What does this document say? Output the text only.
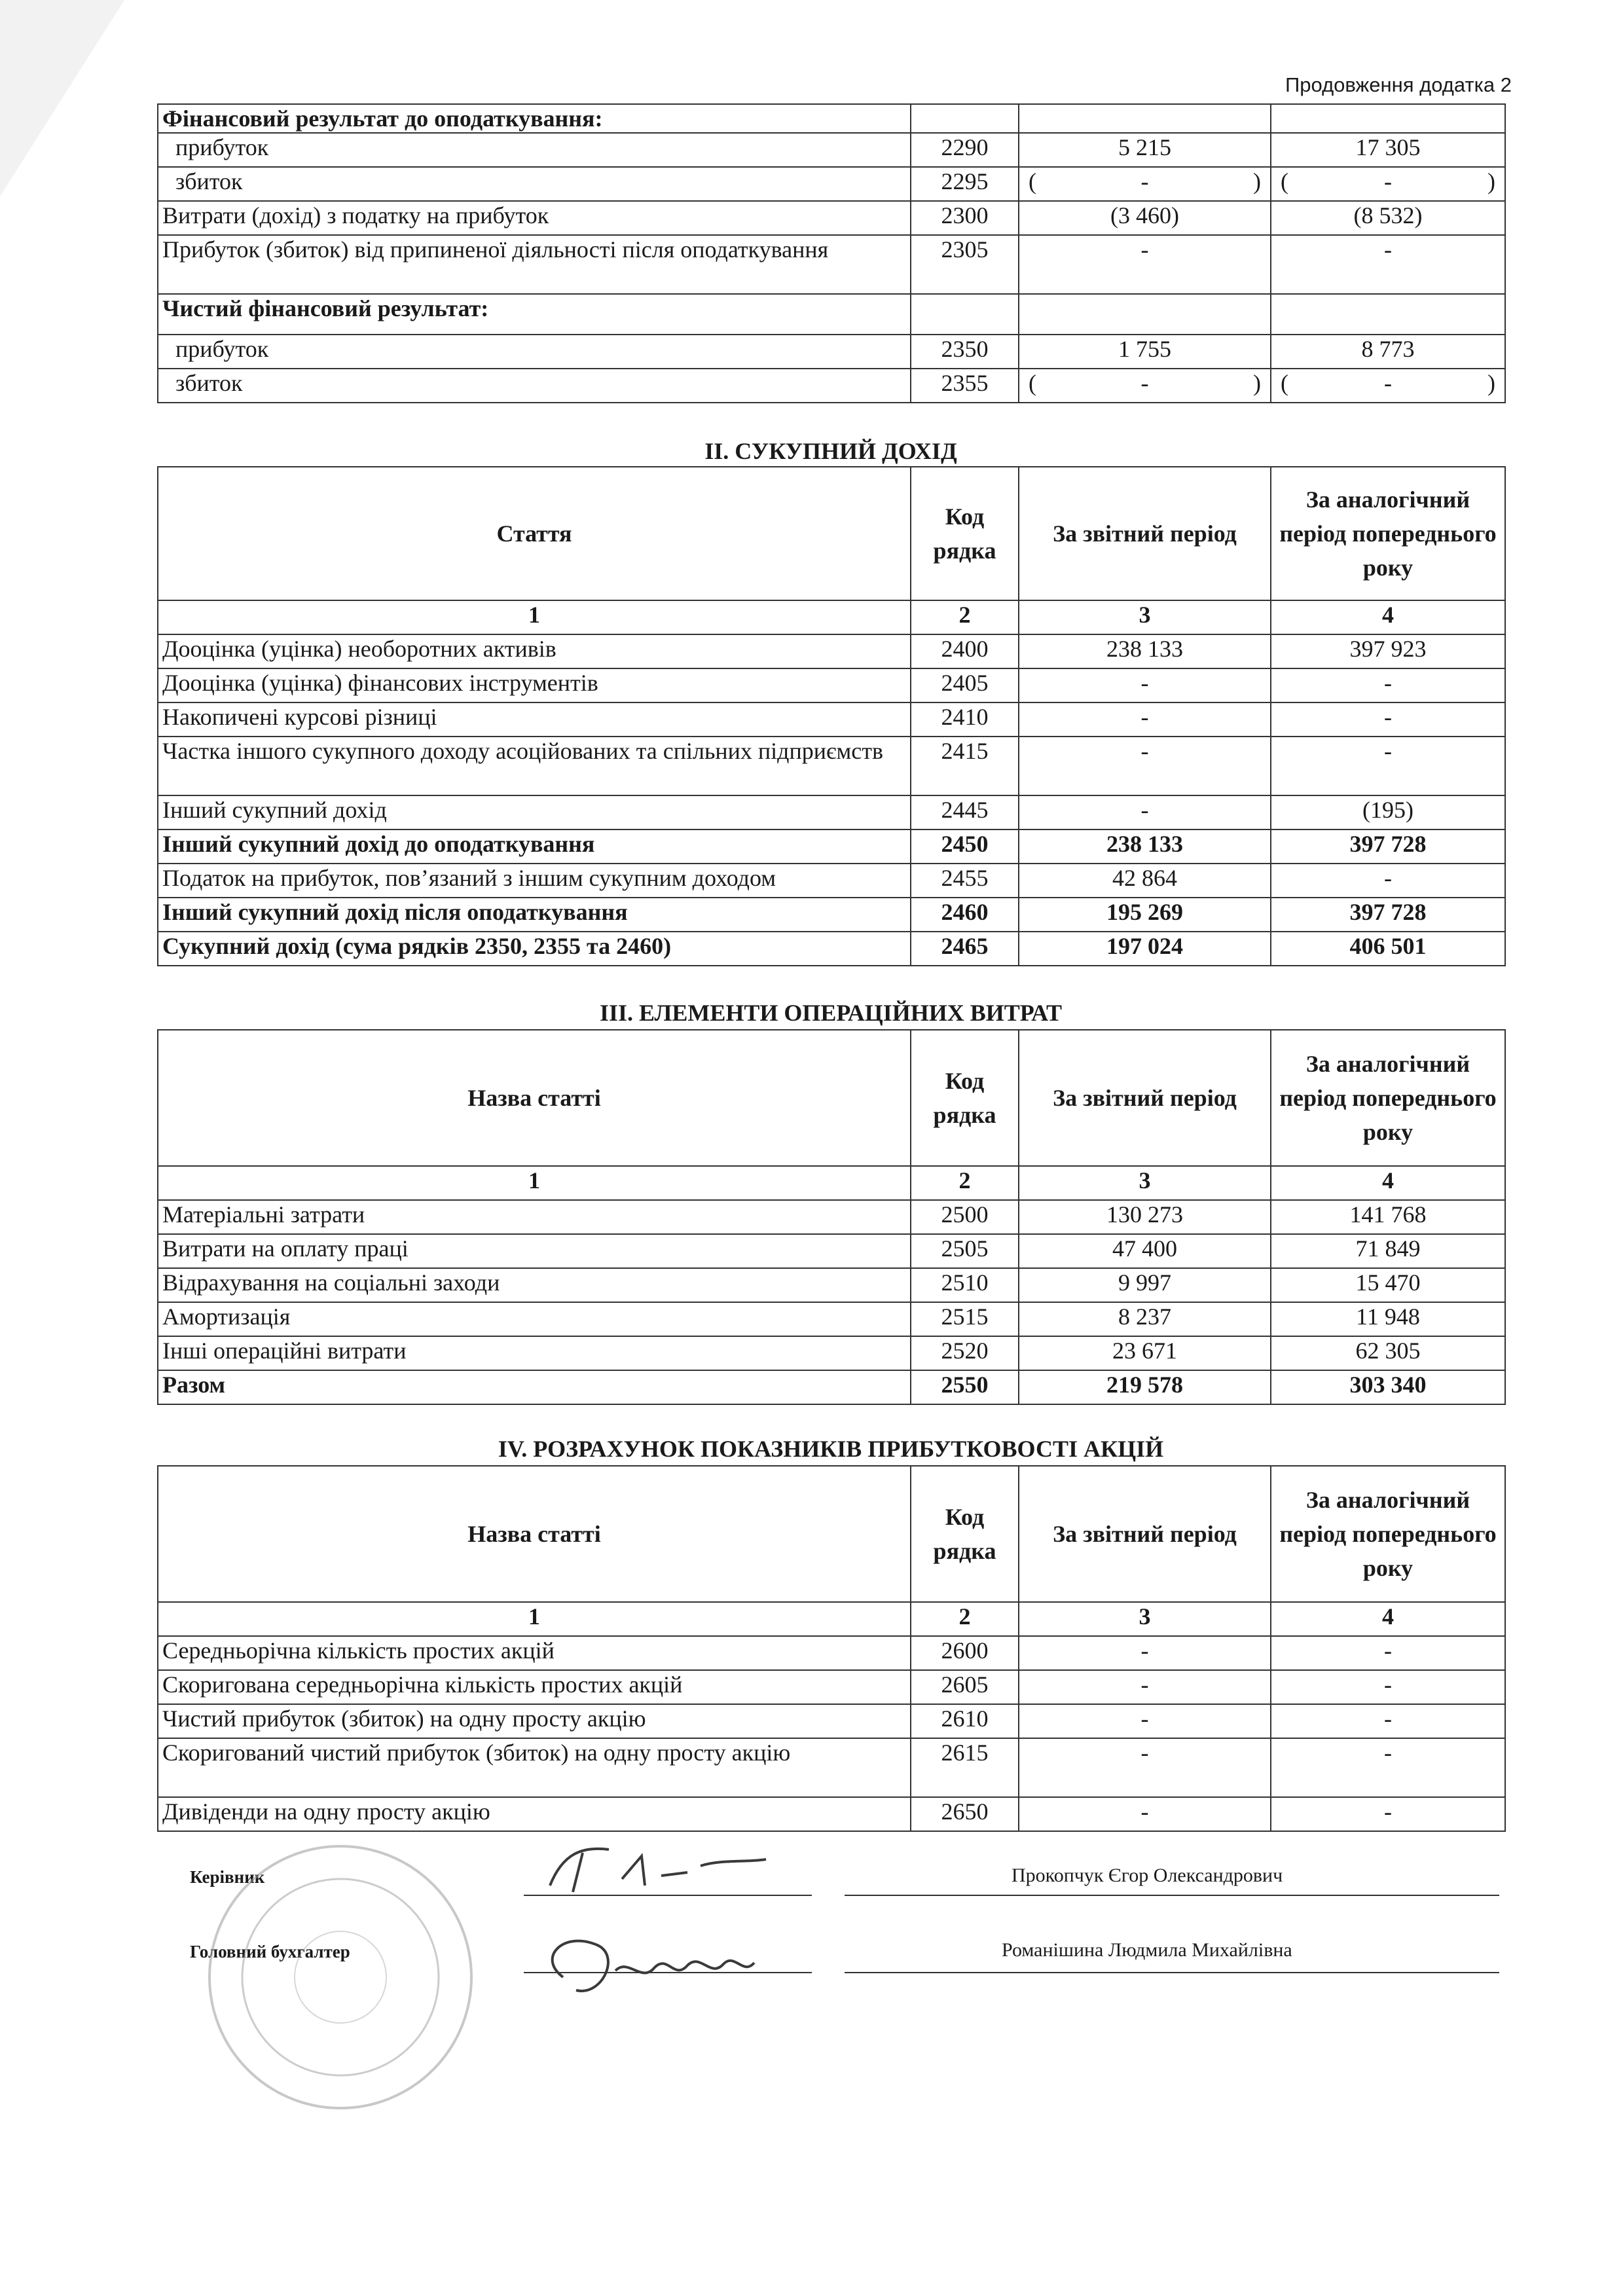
Продовження додатка 2
Фінансовий результат до оподаткування:			
прибуток	2290	5 215	17 305
збиток	2295	( - )	( - )

Витрати (дохід) з податку на прибуток	2300	(3 460)	(8 532)
Прибуток (збиток) від припиненої діяльності після оподаткування	2305	-	-
Чистий фінансовий результат:			
прибуток	2350	1 755	8 773
збиток	2355	( - )	( - )
ІІ. СУКУПНИЙ ДОХІД
Стаття	Код рядка	За звітний період	За аналогічний період попереднього року
1	2	3	4
Дооцінка (уцінка) необоротних активів	2400	238 133	397 923
Дооцінка (уцінка) фінансових інструментів	2405	-	-
Накопичені курсові різниці	2410	-	-
Частка іншого сукупного доходу асоційованих та спільних підприємств	2415	-	-
Інший сукупний дохід	2445	-	(195)
Інший сукупний дохід до оподаткування	2450	238 133	397 728
Податок на прибуток, пов’язаний з іншим сукупним доходом	2455	42 864	-
Інший сукупний дохід після оподаткування	2460	195 269	397 728
Сукупний дохід (сума рядків 2350, 2355 та 2460)	2465	197 024	406 501
ІІІ. ЕЛЕМЕНТИ ОПЕРАЦІЙНИХ ВИТРАТ
Назва статті	Код рядка	За звітний період	За аналогічний період попереднього року
1	2	3	4
Матеріальні затрати	2500	130 273	141 768
Витрати на оплату праці	2505	47 400	71 849
Відрахування на соціальні заходи	2510	9 997	15 470
Амортизація	2515	8 237	11 948
Інші операційні витрати	2520	23 671	62 305
Разом	2550	219 578	303 340
IV. РОЗРАХУНОК ПОКАЗНИКІВ ПРИБУТКОВОСТІ АКЦІЙ
Назва статті	Код рядка	За звітний період	За аналогічний період попереднього року
1	2	3	4
Середньорічна кількість простих акцій	2600	-	-
Скоригована середньорічна кількість простих акцій	2605	-	-
Чистий прибуток (збиток) на одну просту акцію	2610	-	-
Скоригований чистий прибуток (збиток) на одну просту акцію	2615	-	-
Дивіденди на одну просту акцію	2650	-	-
Керівник	Прокопчук Єгор Олександрович
Головний бухгалтер	Романішина Людмила Михайлівна
